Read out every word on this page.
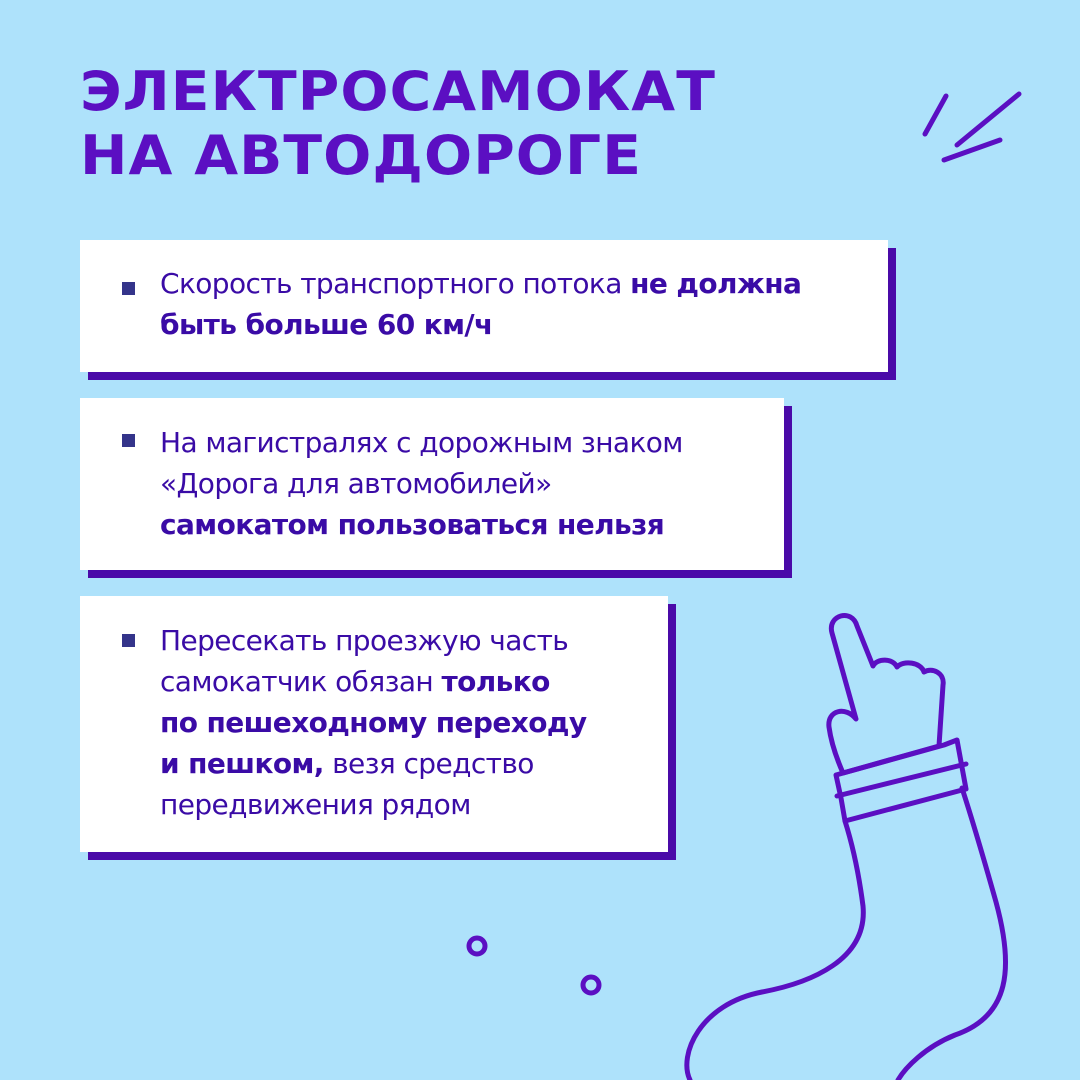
ЭЛЕКТРОСАМОКАТ
НА АВТОДОРОГЕ
Скорость транспортного потока не должна быть больше 60 км/ч
На магистралях с дорожным знаком
«Дорога для автомобилей»
самокатом пользоваться нельзя
Пересекать проезжую часть
самокатчик обязан только
по пешеходному переходу
и пешком, везя средство
передвижения рядом
